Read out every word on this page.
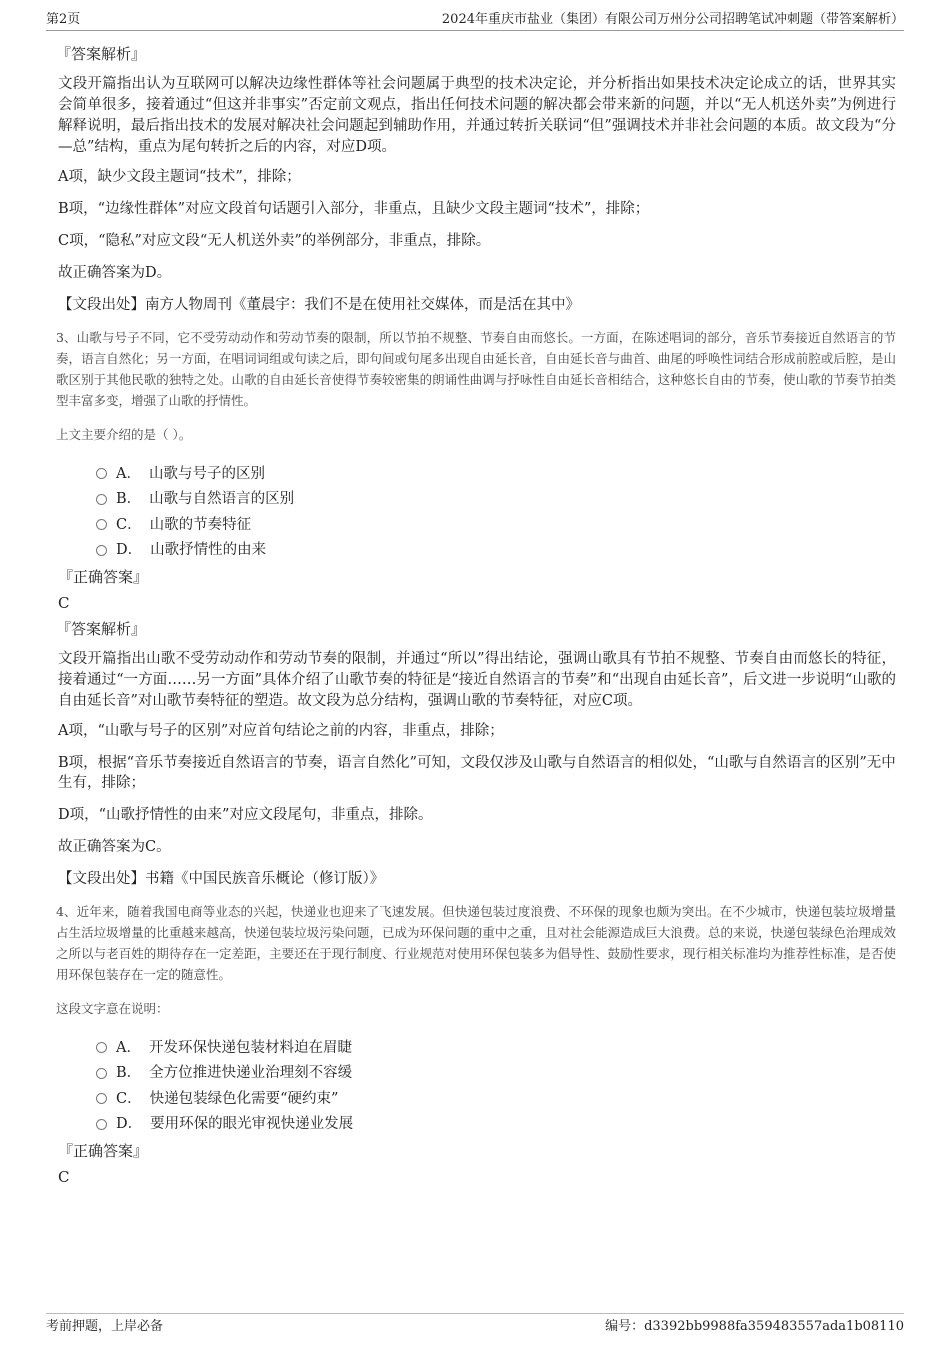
第2页	2024年重庆市盐业（集团）有限公司万州分公司招聘笔试冲刺题（带答案解析）
『答案解析』
文段开篇指出认为互联网可以解决边缘性群体等社会问题属于典型的技术决定论，并分析指出如果技术决定论成立的话，世界其实会简单很多，接着通过“但这并非事实”否定前文观点，指出任何技术问题的解决都会带来新的问题，并以“无人机送外卖”为例进行解释说明，最后指出技术的发展对解决社会问题起到辅助作用，并通过转折关联词“但”强调技术并非社会问题的本质。故文段为“分—总”结构，重点为尾句转折之后的内容，对应D项。
A项，缺少文段主题词“技术”，排除；
B项，“边缘性群体”对应文段首句话题引入部分，非重点，且缺少文段主题词“技术”，排除；
C项，“隐私”对应文段“无人机送外卖”的举例部分，非重点，排除。
故正确答案为D。
【文段出处】南方人物周刊《董晨宇：我们不是在使用社交媒体，而是活在其中》
3、山歌与号子不同，它不受劳动动作和劳动节奏的限制，所以节拍不规整、节奏自由而悠长。一方面，在陈述唱词的部分，音乐节奏接近自然语言的节奏，语言自然化；另一方面，在唱词词组或句读之后，即句间或句尾多出现自由延长音，自由延长音与曲首、曲尾的呼唤性词结合形成前腔或后腔，是山歌区别于其他民歌的独特之处。山歌的自由延长音使得节奏较密集的朗诵性曲调与抒咏性自由延长音相结合，这种悠长自由的节奏，使山歌的节奏节拍类型丰富多变，增强了山歌的抒情性。
上文主要介绍的是（ ）。
A． 山歌与号子的区别
B． 山歌与自然语言的区别
C． 山歌的节奏特征
D． 山歌抒情性的由来
『正确答案』
C
『答案解析』
文段开篇指出山歌不受劳动动作和劳动节奏的限制，并通过“所以”得出结论，强调山歌具有节拍不规整、节奏自由而悠长的特征，接着通过“一方面……另一方面”具体介绍了山歌节奏的特征是“接近自然语言的节奏”和“出现自由延长音”，后文进一步说明“山歌的自由延长音”对山歌节奏特征的塑造。故文段为总分结构，强调山歌的节奏特征，对应C项。
A项，“山歌与号子的区别”对应首句结论之前的内容，非重点，排除；
B项，根据“音乐节奏接近自然语言的节奏，语言自然化”可知，文段仅涉及山歌与自然语言的相似处，“山歌与自然语言的区别”无中生有，排除；
D项，“山歌抒情性的由来”对应文段尾句，非重点，排除。
故正确答案为C。
【文段出处】书籍《中国民族音乐概论（修订版）》
4、近年来，随着我国电商等业态的兴起，快递业也迎来了飞速发展。但快递包装过度浪费、不环保的现象也颇为突出。在不少城市，快递包装垃圾增量占生活垃圾增量的比重越来越高，快递包装垃圾污染问题，已成为环保问题的重中之重，且对社会能源造成巨大浪费。总的来说，快递包装绿色治理成效之所以与老百姓的期待存在一定差距，主要还在于现行制度、行业规范对使用环保包装多为倡导性、鼓励性要求，现行相关标准均为推荐性标准，是否使用环保包装存在一定的随意性。
这段文字意在说明：
A． 开发环保快递包装材料迫在眉睫
B． 全方位推进快递业治理刻不容缓
C． 快递包装绿色化需要“硬约束”
D． 要用环保的眼光审视快递业发展
『正确答案』
C
考前押题，上岸必备	编号：d3392bb9988fa359483557ada1b08110
